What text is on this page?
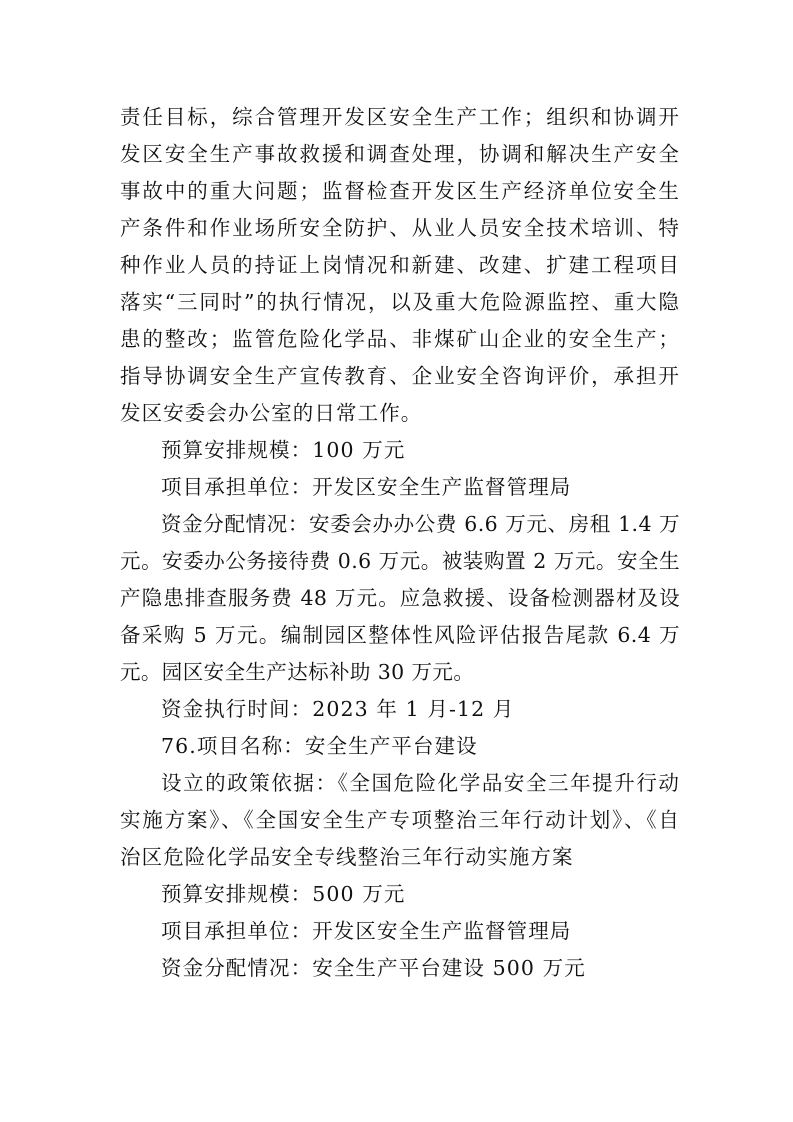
责任目标，综合管理开发区安全生产工作；组织和协调开发区安全生产事故救援和调查处理，协调和解决生产安全事故中的重大问题；监督检查开发区生产经济单位安全生产条件和作业场所安全防护、从业人员安全技术培训、特种作业人员的持证上岗情况和新建、改建、扩建工程项目落实“三同时”的执行情况，以及重大危险源监控、重大隐患的整改；监管危险化学品、非煤矿山企业的安全生产；指导协调安全生产宣传教育、企业安全咨询评价，承担开发区安委会办公室的日常工作。

预算安排规模：100 万元

项目承担单位：开发区安全生产监督管理局

资金分配情况：安委会办办公费 6.6 万元、房租 1.4 万元。安委办公务接待费 0.6 万元。被装购置 2 万元。安全生产隐患排查服务费 48 万元。应急救援、设备检测器材及设备采购 5 万元。编制园区整体性风险评估报告尾款 6.4 万元。园区安全生产达标补助 30 万元。

资金执行时间：2023 年 1 月-12 月

76.项目名称：安全生产平台建设

设立的政策依据：《全国危险化学品安全三年提升行动实施方案》、《全国安全生产专项整治三年行动计划》、《自治区危险化学品安全专线整治三年行动实施方案

预算安排规模：500 万元

项目承担单位：开发区安全生产监督管理局

资金分配情况：安全生产平台建设 500 万元
